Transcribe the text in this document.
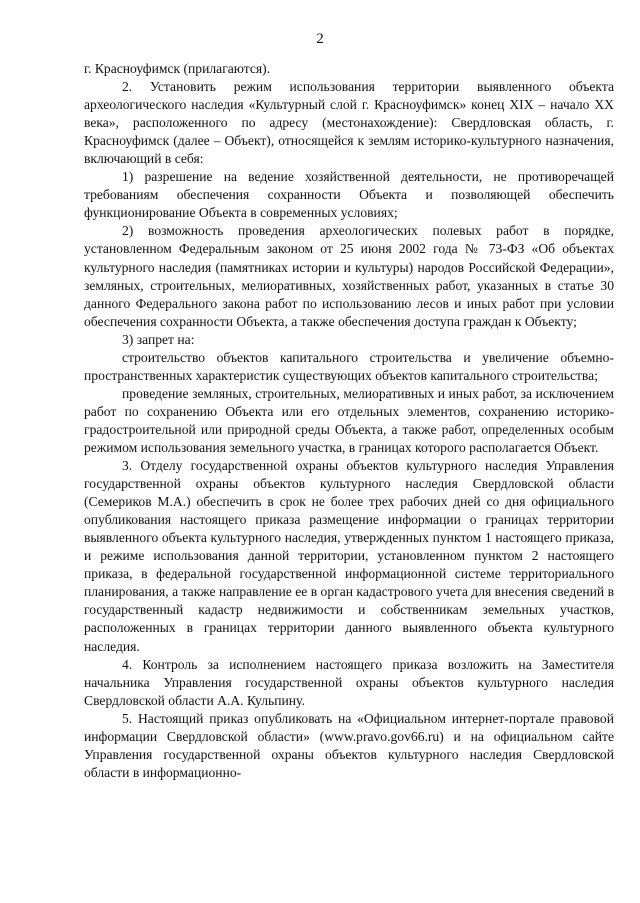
2

г. Красноуфимск (прилагаются).

2. Установить режим использования территории выявленного объекта археологического наследия «Культурный слой г. Красноуфимск» конец XIX – начало XX века», расположенного по адресу (местонахождение): Свердловская область, г. Красноуфимск (далее – Объект), относящейся к землям историко-культурного назначения, включающий в себя:

1) разрешение на ведение хозяйственной деятельности, не противоречащей требованиям обеспечения сохранности Объекта и позволяющей обеспечить функционирование Объекта в современных условиях;

2) возможность проведения археологических полевых работ в порядке, установленном Федеральным законом от 25 июня 2002 года № 73-ФЗ «Об объектах культурного наследия (памятниках истории и культуры) народов Российской Федерации», земляных, строительных, мелиоративных, хозяйственных работ, указанных в статье 30 данного Федерального закона работ по использованию лесов и иных работ при условии обеспечения сохранности Объекта, а также обеспечения доступа граждан к Объекту;

3) запрет на:

строительство объектов капитального строительства и увеличение объемно-пространственных характеристик существующих объектов капитального строительства;

проведение земляных, строительных, мелиоративных и иных работ, за исключением работ по сохранению Объекта или его отдельных элементов, сохранению историко-градостроительной или природной среды Объекта, а также работ, определенных особым режимом использования земельного участка, в границах которого располагается Объект.

3. Отделу государственной охраны объектов культурного наследия Управления государственной охраны объектов культурного наследия Свердловской области (Семериков М.А.) обеспечить в срок не более трех рабочих дней со дня официального опубликования настоящего приказа размещение информации о границах территории выявленного объекта культурного наследия, утвержденных пунктом 1 настоящего приказа, и режиме использования данной территории, установленном пунктом 2 настоящего приказа, в федеральной государственной информационной системе территориального планирования, а также направление ее в орган кадастрового учета для внесения сведений в государственный кадастр недвижимости и собственникам земельных участков, расположенных в границах территории данного выявленного объекта культурного наследия.

4. Контроль за исполнением настоящего приказа возложить на Заместителя начальника Управления государственной охраны объектов культурного наследия Свердловской области А.А. Кульпину.

5. Настоящий приказ опубликовать на «Официальном интернет-портале правовой информации Свердловской области» (www.pravo.gov66.ru) и на официальном сайте Управления государственной охраны объектов культурного наследия Свердловской области в информационно-
